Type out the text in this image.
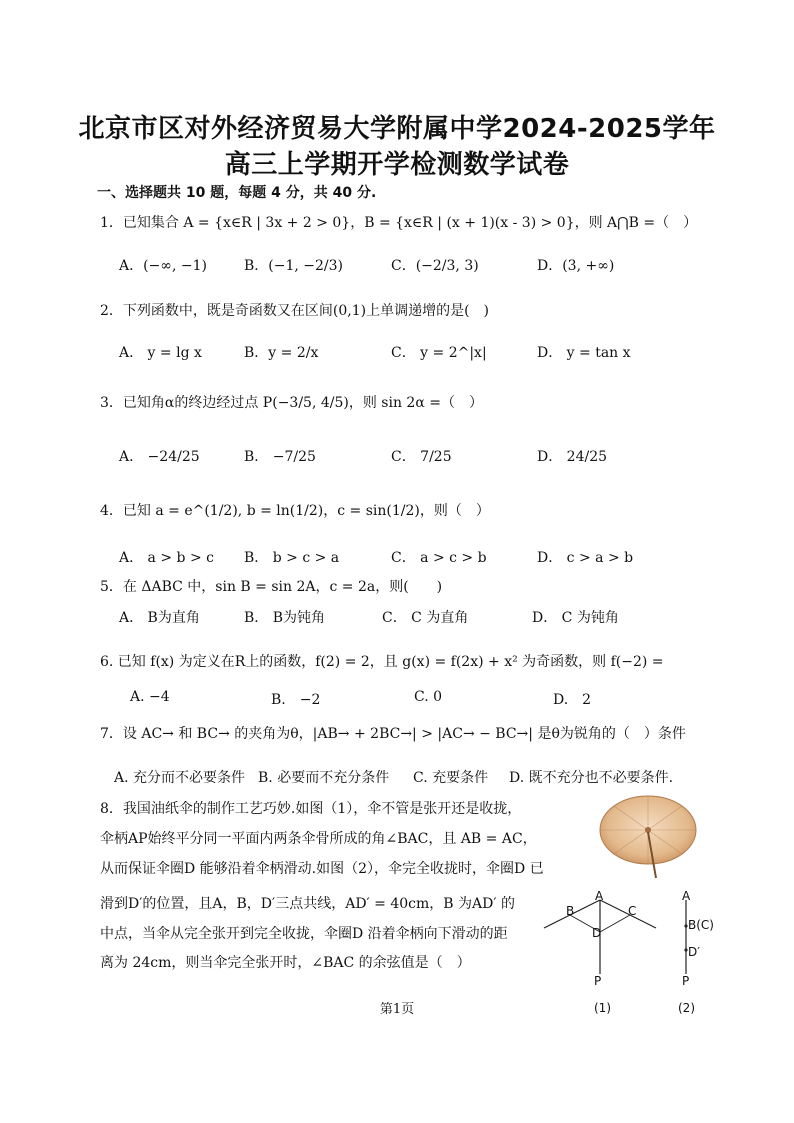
北京市区对外经济贸易大学附属中学2024-2025学年
高三上学期开学检测数学试卷
一、选择题共 10 题，每题 4 分，共 40 分.
1．已知集合 A = {x∈R | 3x + 2 > 0}，B = {x∈R | (x + 1)(x - 3) > 0}，则 A⋂B =（　）
A．(−∞, −1)	B．(−1, −2/3)	C．(−2/3, 3)	D．(3, +∞)
2．下列函数中，既是奇函数又在区间(0,1)上单调递增的是(　)
A． y = lg x	B．y = 2/x	C． y = 2^|x|	D． y = tan x
3．已知角α的终边经过点 P(−3/5, 4/5)，则 sin 2α =（　）
A． −24/25	B． −7/25	C． 7/25	D． 24/25
4．已知 a = e^(1/2), b = ln(1/2)，c = sin(1/2)，则（　）
A． a > b > c B． b > c > a	C． a > c > b	D． c > a > b
5．在 ΔABC 中，sin B = sin 2A，c = 2a，则(　　)
A． B为直角	B． B为钝角	C． C 为直角	D． C 为钝角
6. 已知 f(x) 为定义在R上的函数，f(2) = 2，且 g(x) = f(2x) + x² 为奇函数，则 f(−2) =
A. −4	B.　−2	C. 0	D.　2
7．设 AC→ 和 BC→ 的夹角为θ，|AB→ + 2BC→| > |AC→ − BC→| 是θ为锐角的（　）条件
A. 充分而不必要条件 B. 必要而不充分条件 C. 充要条件 D. 既不充分也不必要条件.
8．我国油纸伞的制作工艺巧妙.如图（1），伞不管是张开还是收拢，
伞柄AP始终平分同一平面内两条伞骨所成的角∠BAC，且 AB = AC，
从而保证伞圈D 能够沿着伞柄滑动.如图（2），伞完全收拢时，伞圈D 已
滑到D′的位置，且A，B，D′三点共线，AD′ = 40cm，B 为AD′ 的
中点，当伞从完全张开到完全收拢，伞圈D 沿着伞柄向下滑动的距
离为 24cm，则当伞完全张开时，∠BAC 的余弦值是（　）
A
B	C
D
P
(1)
A
B(C)
D′
P
(2)
第1页
